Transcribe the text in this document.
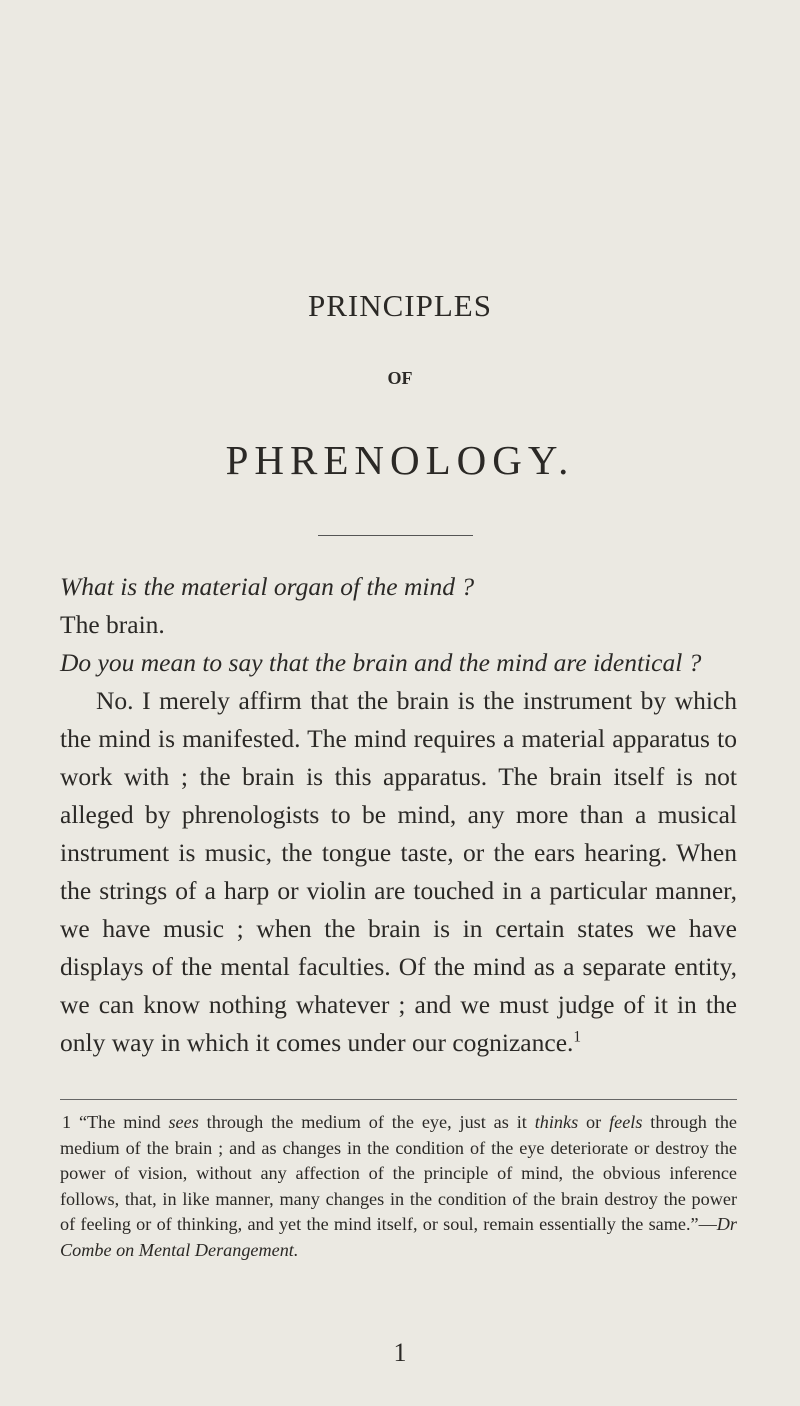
PRINCIPLES
OF
PHRENOLOGY.

What is the material organ of the mind ?

The brain.

Do you mean to say that the brain and the mind are identical ?

No. I merely affirm that the brain is the instrument by which the mind is manifested. The mind requires a material apparatus to work with ; the brain is this apparatus. The brain itself is not alleged by phrenologists to be mind, any more than a musical instrument is music, the tongue taste, or the ears hearing. When the strings of a harp or violin are touched in a particular manner, we have music ; when the brain is in certain states we have displays of the mental faculties. Of the mind as a separate entity, we can know nothing whatever ; and we must judge of it in the only way in which it comes under our cognizance.$^1$

1 “The mind sees through the medium of the eye, just as it thinks or feels through the medium of the brain ; and as changes in the condition of the eye deteriorate or destroy the power of vision, without any affection of the principle of mind, the obvious inference follows, that, in like manner, many changes in the condition of the brain destroy the power of feeling or of thinking, and yet the mind itself, or soul, remain essentially the same.”—Dr Combe on Mental Derangement.
1
